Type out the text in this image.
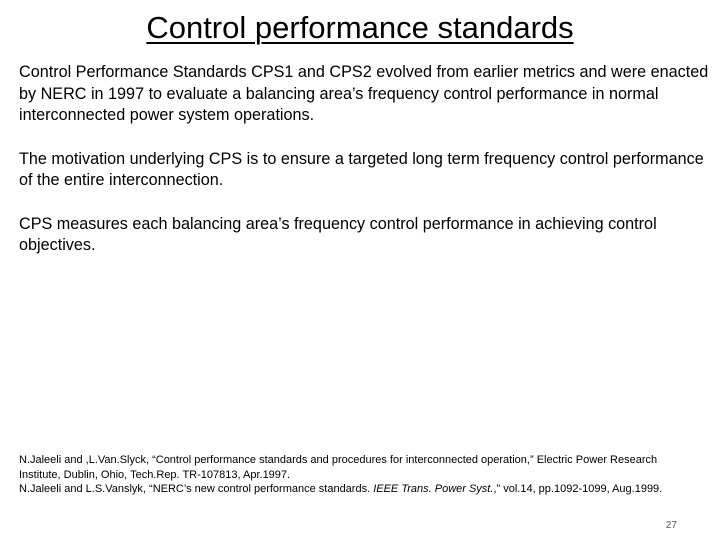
Control performance standards

Control Performance Standards CPS1 and CPS2 evolved from earlier metrics and were enacted by NERC in 1997 to evaluate a balancing area’s frequency control performance in normal interconnected power system operations.

The motivation underlying CPS is to ensure a targeted long term frequency control performance of the entire interconnection.

CPS measures each balancing area’s frequency control performance in achieving control objectives.

N.Jaleeli and ,L.Van.Slyck, “Control performance standards and procedures for interconnected operation,” Electric Power Research Institute, Dublin, Ohio, Tech.Rep. TR-107813, Apr.1997.

N.Jaleeli and L.S.Vanslyk, “NERC’s new control performance standards. IEEE Trans. Power Syst.,” vol.14, pp.1092-1099, Aug.1999.

27
